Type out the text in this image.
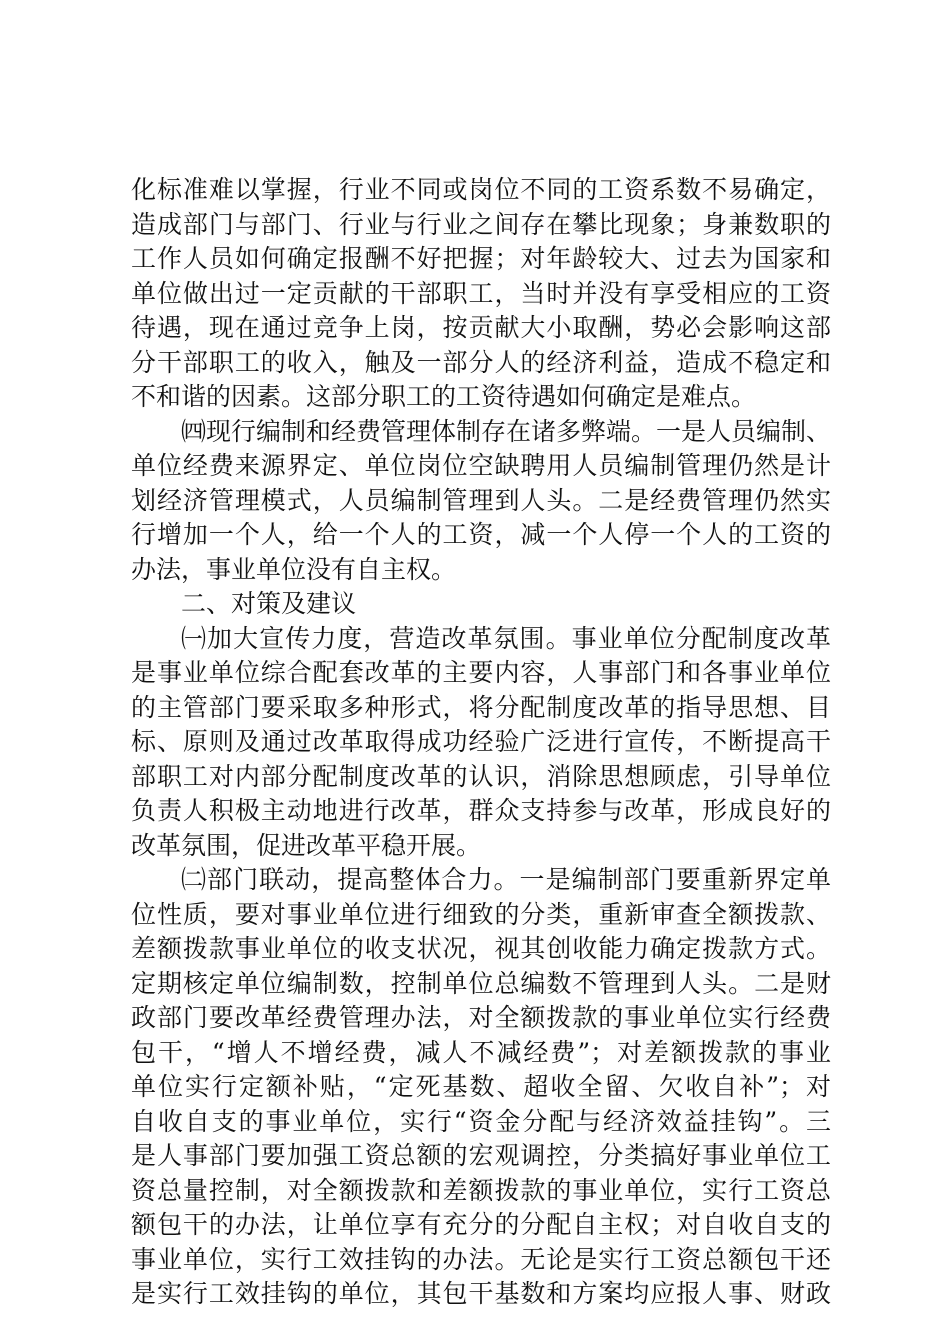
化标准难以掌握，行业不同或岗位不同的工资系数不易确定，
造成部门与部门、行业与行业之间存在攀比现象；身兼数职的
工作人员如何确定报酬不好把握；对年龄较大、过去为国家和
单位做出过一定贡献的干部职工，当时并没有享受相应的工资
待遇，现在通过竞争上岗，按贡献大小取酬，势必会影响这部
分干部职工的收入，触及一部分人的经济利益，造成不稳定和
不和谐的因素。这部分职工的工资待遇如何确定是难点。
㈣现行编制和经费管理体制存在诸多弊端。一是人员编制、
单位经费来源界定、单位岗位空缺聘用人员编制管理仍然是计
划经济管理模式，人员编制管理到人头。二是经费管理仍然实
行增加一个人，给一个人的工资，减一个人停一个人的工资的
办法，事业单位没有自主权。
二、对策及建议
㈠加大宣传力度，营造改革氛围。事业单位分配制度改革
是事业单位综合配套改革的主要内容，人事部门和各事业单位
的主管部门要采取多种形式，将分配制度改革的指导思想、目
标、原则及通过改革取得成功经验广泛进行宣传，不断提高干
部职工对内部分配制度改革的认识，消除思想顾虑，引导单位
负责人积极主动地进行改革，群众支持参与改革，形成良好的
改革氛围，促进改革平稳开展。
㈡部门联动，提高整体合力。一是编制部门要重新界定单
位性质，要对事业单位进行细致的分类，重新审查全额拨款、
差额拨款事业单位的收支状况，视其创收能力确定拨款方式。
定期核定单位编制数，控制单位总编数不管理到人头。二是财
政部门要改革经费管理办法，对全额拨款的事业单位实行经费
包干，“增人不增经费，减人不减经费”；对差额拨款的事业
单位实行定额补贴，“定死基数、超收全留、欠收自补”；对
自收自支的事业单位，实行“资金分配与经济效益挂钩”。三
是人事部门要加强工资总额的宏观调控，分类搞好事业单位工
资总量控制，对全额拨款和差额拨款的事业单位，实行工资总
额包干的办法，让单位享有充分的分配自主权；对自收自支的
事业单位，实行工效挂钩的办法。无论是实行工资总额包干还
是实行工效挂钩的单位，其包干基数和方案均应报人事、财政
